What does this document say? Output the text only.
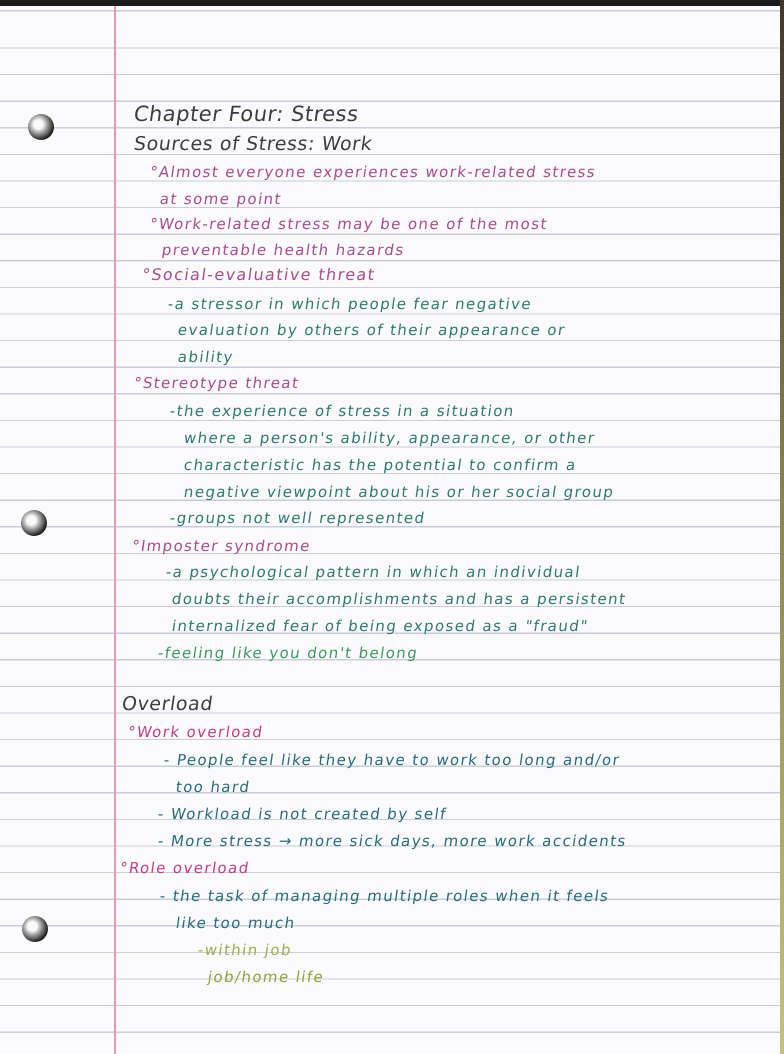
Chapter Four: Stress
Sources of Stress: Work
°Almost everyone experiences work-related stress
at some point
°Work-related stress may be one of the most
preventable health hazards
°Social-evaluative threat
-a stressor in which people fear negative
evaluation by others of their appearance or
ability
°Stereotype threat
-the experience of stress in a situation
where a person's ability, appearance, or other
characteristic has the potential to confirm a
negative viewpoint about his or her social group
-groups not well represented
°Imposter syndrome
-a psychological pattern in which an individual
doubts their accomplishments and has a persistent
internalized fear of being exposed as a "fraud"
-feeling like you don't belong
Overload
°Work overload
- People feel like they have to work too long and/or
too hard
- Workload is not created by self
- More stress → more sick days, more work accidents
°Role overload
- the task of managing multiple roles when it feels
like too much
-within job
job/home life
